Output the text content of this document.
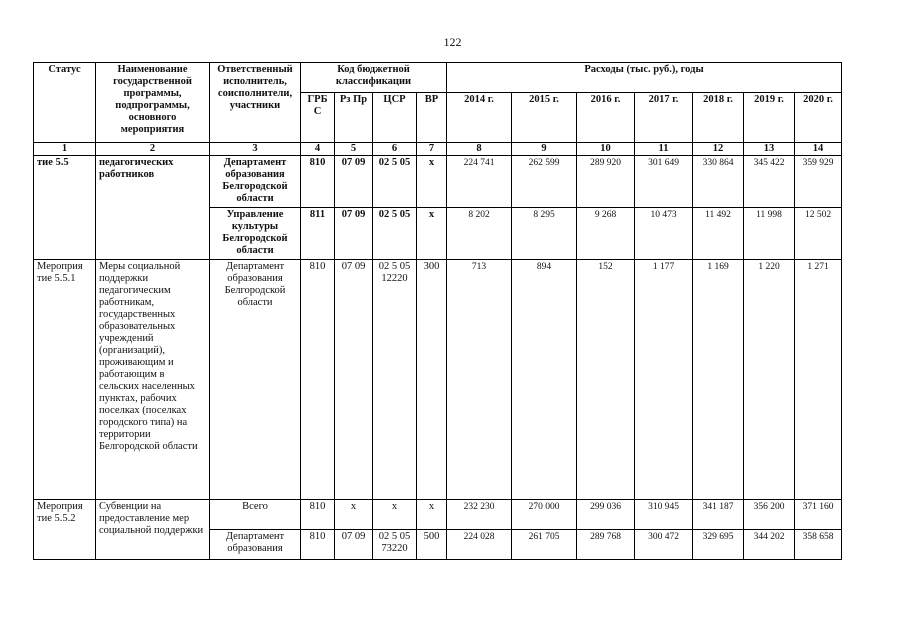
122
Статус	Наименование государственной программы, подпрограммы, основного мероприятия	Ответственный исполнитель, соисполнители, участники	Код бюджетной классификации				Расходы (тыс. руб.), годы						
			ГРБ С	Рз Пр	ЦСР	ВР	2014 г.	2015 г.	2016 г.	2017 г.	2018 г.	2019 г.	2020 г.
1	2	3	4	5	6	7	8	9	10	11	12	13	14
тие 5.5	педагогических работников	Департамент образования Белгородской области	810	07 09	02 5 05	х	224 741	262 599	289 920	301 649	330 864	345 422	359 929
		Управление культуры Белгородской области	811	07 09	02 5 05	х	8 202	8 295	9 268	10 473	11 492	11 998	12 502
Мероприя тие 5.5.1	Меры социальной поддержки педагогическим работникам, государственных образовательных учреждений (организаций), проживающим и работающим в сельских населенных пунктах, рабочих поселках (поселках городского типа) на территории Белгородской области	Департамент образования Белгородской области	810	07 09	02 5 05 12220	300	713	894	152	1 177	1 169	1 220	1 271
Мероприя тие 5.5.2	Субвенции на предоставление мер социальной поддержки	Всего	810	х	х	х	232 230	270 000	299 036	310 945	341 187	356 200	371 160
		Департамент образования	810	07 09	02 5 05 73220	500	224 028	261 705	289 768	300 472	329 695	344 202	358 658
